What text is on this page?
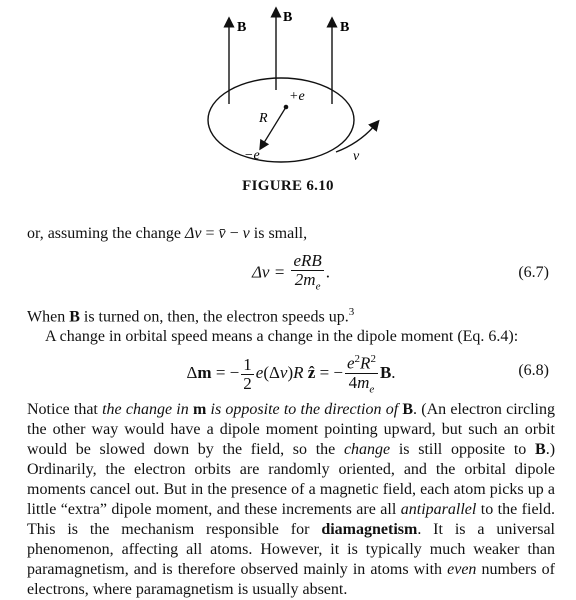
B
B
B
+e
R
−e	v
FIGURE 6.10

or, assuming the change Δv = v̄ − v is small,

$\Delta v = \frac{\text{eRB}}{2m_e}$ .	(6.7)

When B is turned on, then, the electron speeds up.$^3$

A change in orbital speed means a change in the dipole moment (Eq. 6.4):

Δm = − $\frac{1}{2} e(\Delta v)R$ ẑ = − $\frac{e^2R^2}{4m_e} B$.	(6.8)

Notice that the change in m is opposite to the direction of B. (An electron circling the other way would have a dipole moment pointing upward, but such an orbit would be slowed down by the field, so the change is still opposite to B.) Ordinarily, the electron orbits are randomly oriented, and the orbital dipole moments cancel out. But in the presence of a magnetic field, each atom picks up a little “extra” dipole moment, and these increments are all antiparallel to the field. This is the mechanism responsible for diamagnetism. It is a universal phenomenon, affecting all atoms. However, it is typically much weaker than paramagnetism, and is therefore observed mainly in atoms with even numbers of electrons, where paramagnetism is usually absent.
